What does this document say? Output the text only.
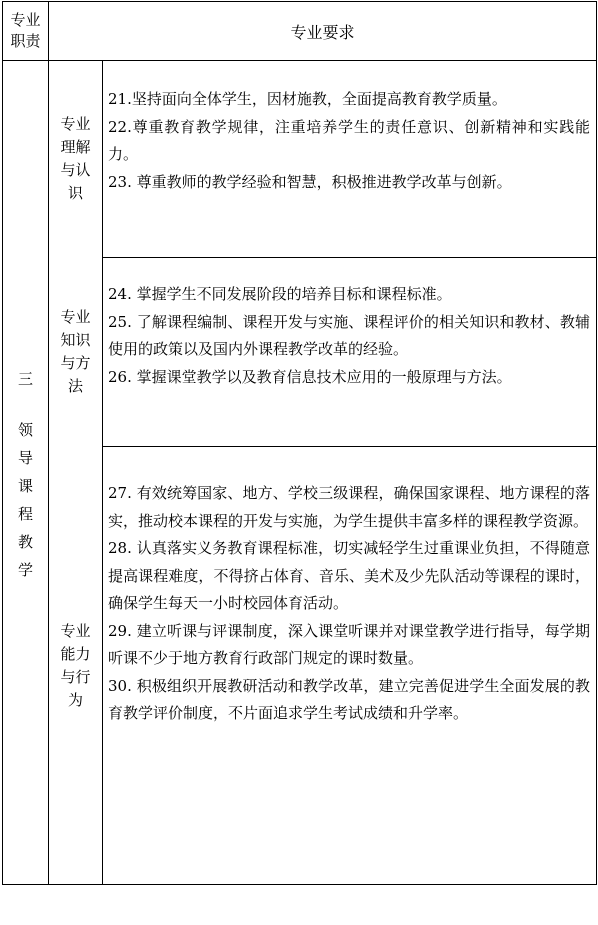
专业
职责	专业要求
三
领
导
课
程
教
学
专业
理解
与认
识

21.坚持面向全体学生，因材施教，全面提高教育教学质量。

22.尊重教育教学规律，注重培养学生的责任意识、创新精神和实践能力。

23. 尊重教师的教学经验和智慧，积极推进教学改革与创新。

专业
知识
与方
法

24. 掌握学生不同发展阶段的培养目标和课程标准。

25. 了解课程编制、课程开发与实施、课程评价的相关知识和教材、教辅使用的政策以及国内外课程教学改革的经验。

26. 掌握课堂教学以及教育信息技术应用的一般原理与方法。

专业
能力
与行
为

27. 有效统筹国家、地方、学校三级课程，确保国家课程、地方课程的落实，推动校本课程的开发与实施，为学生提供丰富多样的课程教学资源。

28. 认真落实义务教育课程标准，切实减轻学生过重课业负担，不得随意提高课程难度，不得挤占体育、音乐、美术及少先队活动等课程的课时，确保学生每天一小时校园体育活动。

29. 建立听课与评课制度，深入课堂听课并对课堂教学进行指导，每学期听课不少于地方教育行政部门规定的课时数量。

30. 积极组织开展教研活动和教学改革，建立完善促进学生全面发展的教育教学评价制度，不片面追求学生考试成绩和升学率。
